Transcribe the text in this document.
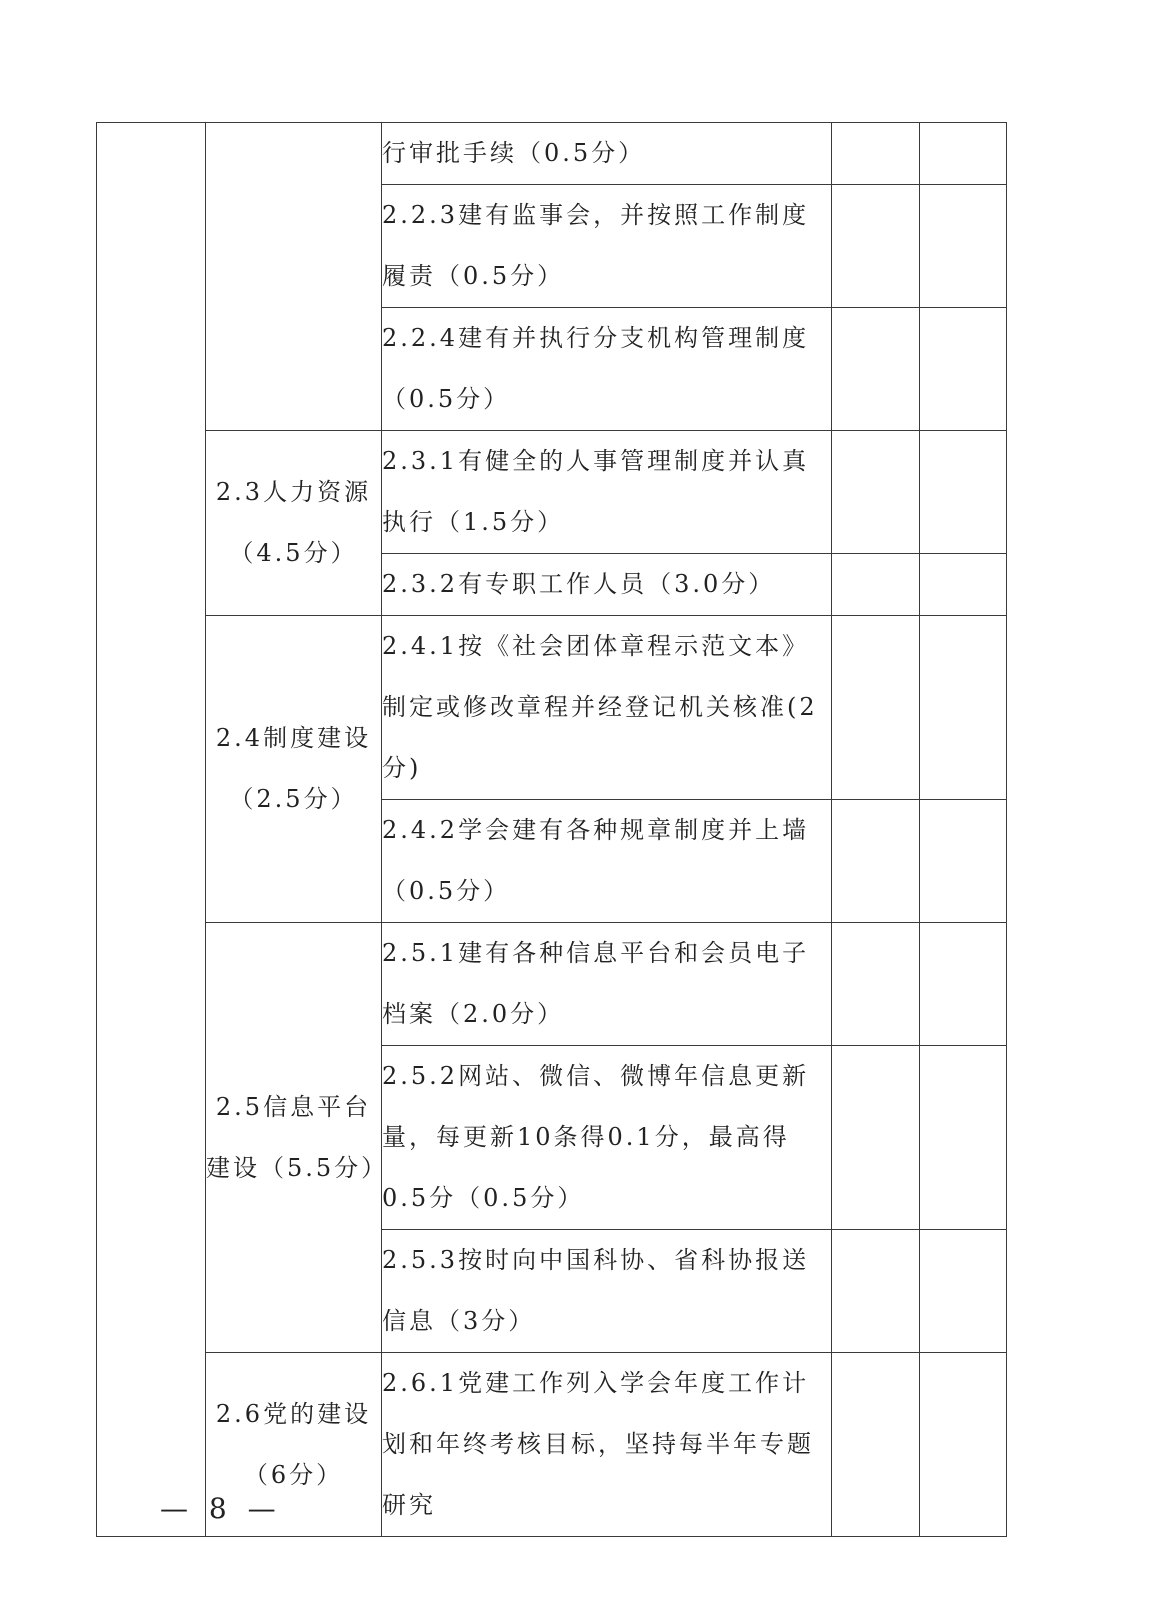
		行审批手续（0.5分）		
		2.2.3建有监事会，并按照工作制度履责（0.5分）		
		2.2.4建有并执行分支机构管理制度（0.5分）		
	2.3人力资源（4.5分）	2.3.1有健全的人事管理制度并认真执行（1.5分）		
		2.3.2有专职工作人员（3.0分）		
	2.4制度建设（2.5分）	2.4.1按《社会团体章程示范文本》制定或修改章程并经登记机关核准(2分)		
		2.4.2学会建有各种规章制度并上墙（0.5分）		
	2.5信息平台建设（5.5分）	2.5.1建有各种信息平台和会员电子档案（2.0分）		
		2.5.2网站、微信、微博年信息更新量，每更新10条得0.1分，最高得0.5分（0.5分）		
		2.5.3按时向中国科协、省科协报送信息（3分）		
	2.6党的建设（6分）	2.6.1党建工作列入学会年度工作计划和年终考核目标，坚持每半年专题研究		
— 8 —
